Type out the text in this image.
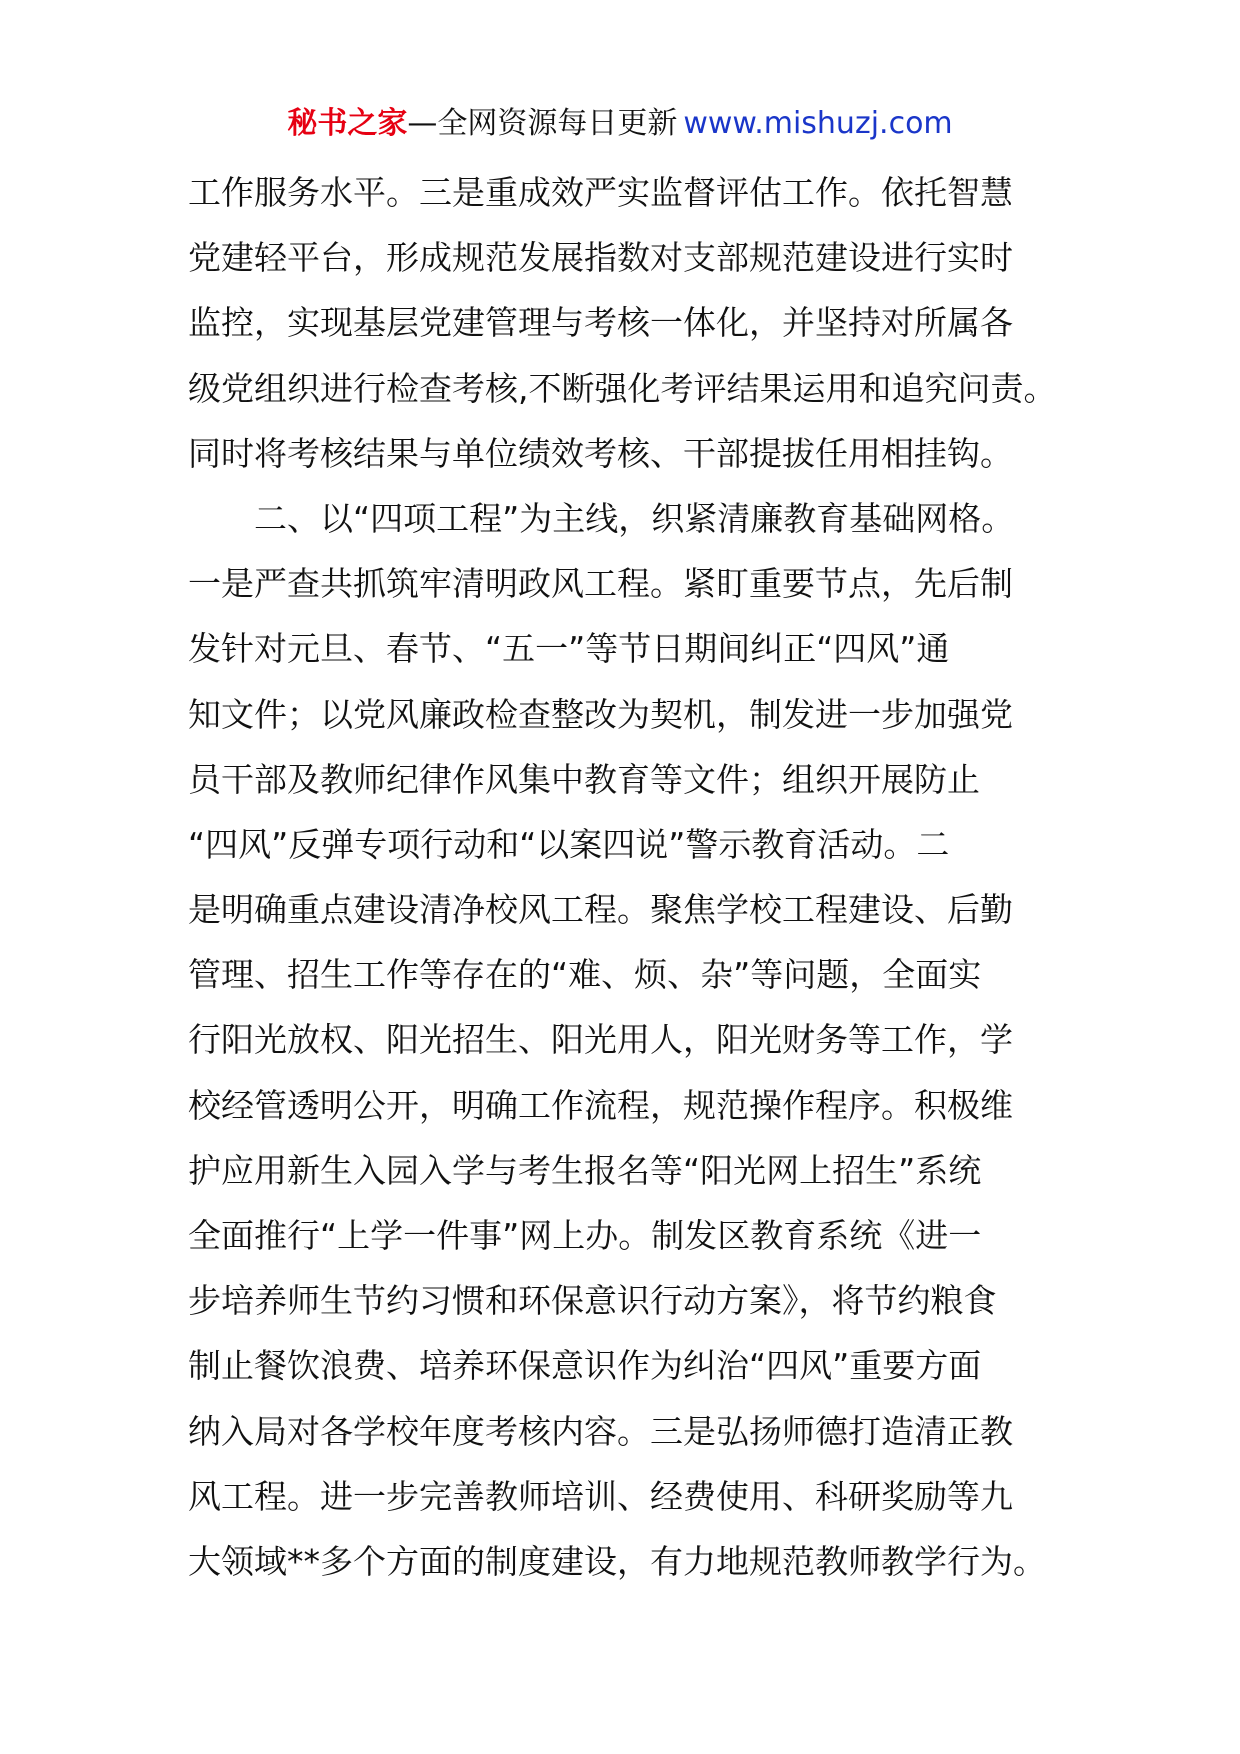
秘书之家—全网资源每日更新 www.mishuzj.com
工作服务水平。三是重成效严实监督评估工作。依托智慧
党建轻平台，形成规范发展指数对支部规范建设进行实时
监控，实现基层党建管理与考核一体化，并坚持对所属各
级党组织进行检查考核,不断强化考评结果运用和追究问责。
同时将考核结果与单位绩效考核、干部提拔任用相挂钩。
二、以“四项工程”为主线，织紧清廉教育基础网格。
一是严查共抓筑牢清明政风工程。紧盯重要节点，先后制
发针对元旦、春节、“五一”等节日期间纠正“四风”通
知文件；以党风廉政检查整改为契机，制发进一步加强党
员干部及教师纪律作风集中教育等文件；组织开展防止
“四风”反弹专项行动和“以案四说”警示教育活动。二
是明确重点建设清净校风工程。聚焦学校工程建设、后勤
管理、招生工作等存在的“难、烦、杂”等问题，全面实
行阳光放权、阳光招生、阳光用人，阳光财务等工作，学
校经管透明公开，明确工作流程，规范操作程序。积极维
护应用新生入园入学与考生报名等“阳光网上招生”系统
全面推行“上学一件事”网上办。制发区教育系统《进一
步培养师生节约习惯和环保意识行动方案》，将节约粮食
制止餐饮浪费、培养环保意识作为纠治“四风”重要方面
纳入局对各学校年度考核内容。三是弘扬师德打造清正教
风工程。进一步完善教师培训、经费使用、科研奖励等九
大领域**多个方面的制度建设，有力地规范教师教学行为。
